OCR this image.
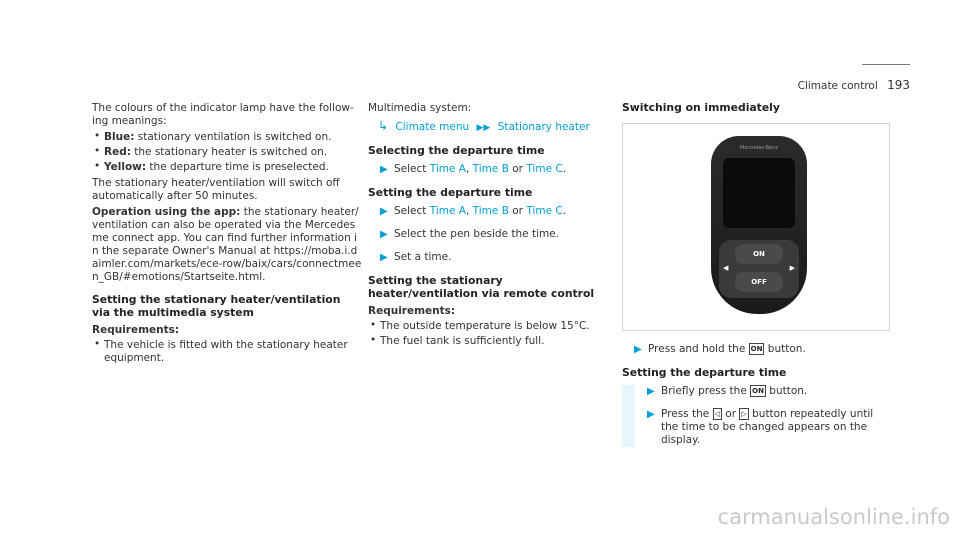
Climate control 193

The colours of the indicator lamp have the follow-ing meanings:

• Blue: stationary ventilation is switched on.
• Red: the stationary heater is switched on.
• Yellow: the departure time is preselected.

The stationary heater/ventilation will switch off automatically after 50 minutes.

Operation using the app: the stationary heater/ventilation can also be operated via the Mercedes me connect app. You can find further information in the separate Owner's Manual at https://moba.i.daimler.com/markets/ece-row/baix/cars/connectmeen_GB/#emotions/Startseite.html.

Setting the stationary heater/ventilation via the multimedia system

Requirements:

• The vehicle is fitted with the stationary heater equipment.

Multimedia system:

↳ Climate menu ▶▶ Stationary heater
Selecting the departure time
▶ Select Time A, Time B or Time C.
Setting the departure time
▶ Select Time A, Time B or Time C.
▶ Select the pen beside the time.
▶ Set a time.
Setting the stationary heater/ventilation via remote control

Requirements:

• The outside temperature is below 15°C.
• The fuel tank is sufficiently full.
Switching on immediately
Mercedes-Benz
ON
OFF
◀	▶
▶ Press and hold the ON button.
Setting the departure time
▶ Briefly press the ON button.
▶ Press the ◁ or ▷ button repeatedly until the time to be changed appears on the display.
carmanualsonline.info
